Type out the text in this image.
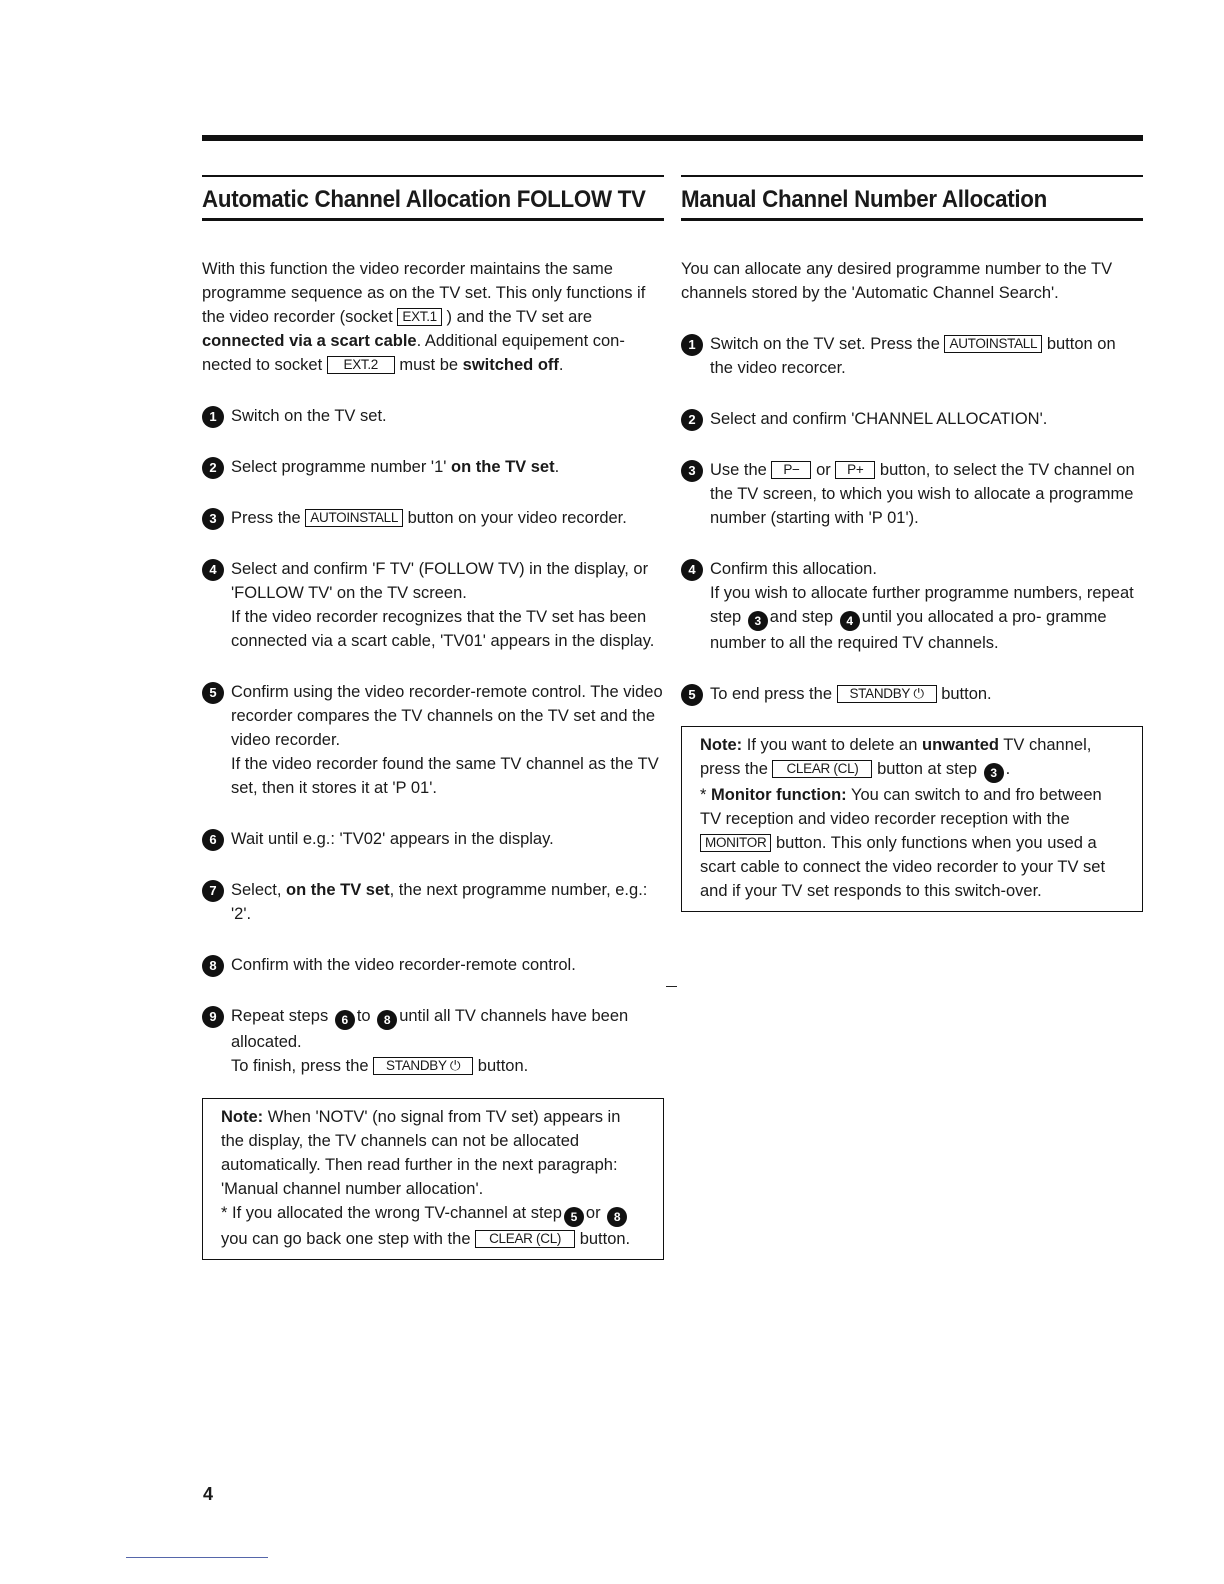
Automatic Channel Allocation FOLLOW TV
With this function the video recorder maintains the same programme sequence as on the TV set. This only functions if the video recorder (socket EXT.1 ) and the TV set are connected via a scart cable. Additional equipement con- nected to socket EXT.2 must be switched off.
1 Switch on the TV set.
2 Select programme number '1' on the TV set.
3 Press the AUTOINSTALL button on your video recorder.
4 Select and confirm 'F TV' (FOLLOW TV) in the display, or 'FOLLOW TV' on the TV screen.
If the video recorder recognizes that the TV set has been connected via a scart cable, 'TV01' appears in the display.
5 Confirm using the video recorder-remote control. The video recorder compares the TV channels on the TV set and the video recorder.
If the video recorder found the same TV channel as the TV set, then it stores it at 'P 01'.
6 Wait until e.g.: 'TV02' appears in the display.
7 Select, on the TV set, the next programme number, e.g.: '2'.
8 Confirm with the video recorder-remote control.
9 Repeat steps 6 to 8 until all TV channels have been allocated.
To finish, press the STANDBY ⏻ button.
Note: When 'NOTV' (no signal from TV set) appears in the display, the TV channels can not be allocated automatically. Then read further in the next paragraph: 'Manual channel number allocation'.
* If you allocated the wrong TV-channel at step 5 or 8you can go back one step with the CLEAR (CL) button.
Manual Channel Number Allocation
You can allocate any desired programme number to the TV channels stored by the 'Automatic Channel Search'.
1 Switch on the TV set. Press the AUTOINSTALL button on the video recorcer.
2 Select and confirm 'CHANNEL ALLOCATION'.
3 Use the P− or P+ button, to select the TV channel on the TV screen, to which you wish to allocate a programme number (starting with 'P 01').
4 Confirm this allocation.
If you wish to allocate further programme numbers, repeat step 3 and step 4 until you allocated a pro- gramme number to all the required TV channels.
5 To end press the STANDBY ⏻ button.
Note: If you want to delete an unwanted TV channel, press the CLEAR (CL) button at step 3 .
* Monitor function: You can switch to and fro between TV reception and video recorder reception with the MONITOR button. This only functions when you used a scart cable to connect the video recorder to your TV set and if your TV set responds to this switch-over.
4
